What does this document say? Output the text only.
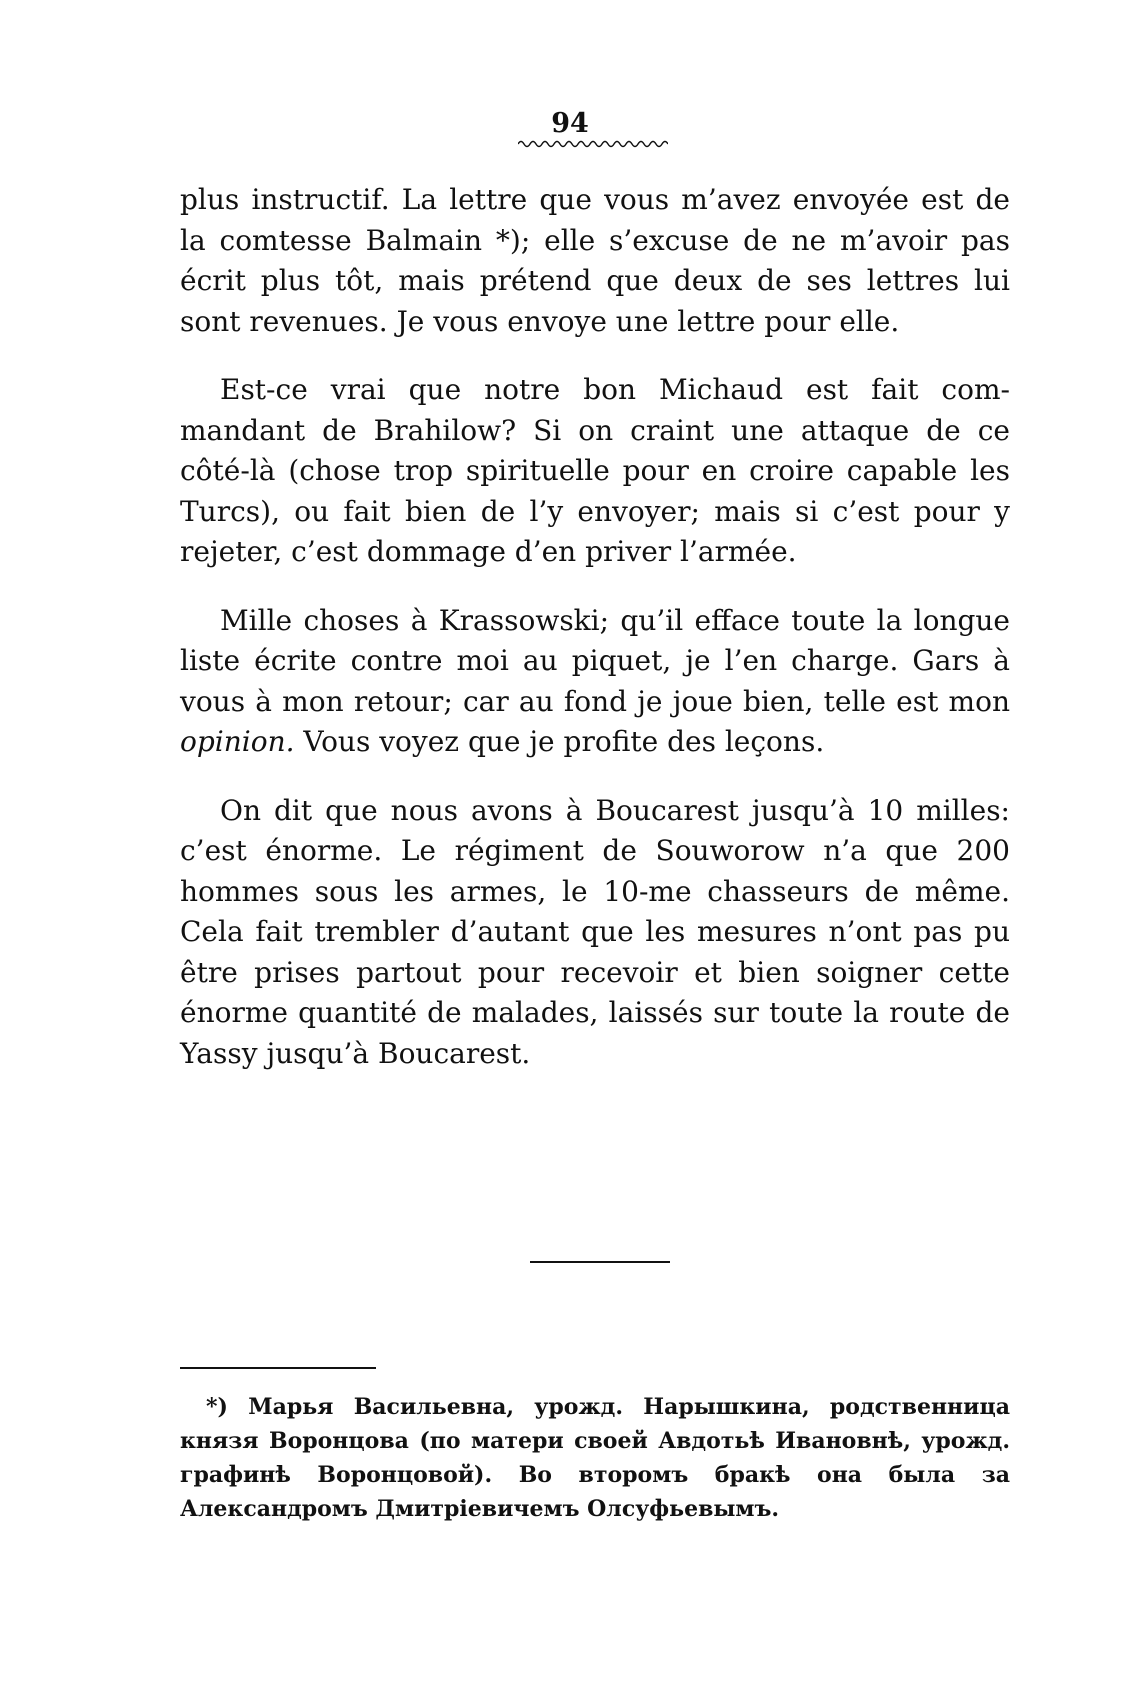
94

plus instructif. La lettre que vous m’avez envoyée est de la comtesse Balmain *); elle s’excuse de ne m’avoir pas écrit plus tôt, mais prétend que deux de ses lettres lui sont revenues. Je vous envoye une lettre pour elle.

Est-ce vrai que notre bon Michaud est fait commandant de Brahilow? Si on craint une attaque de ce côté-là (chose trop spirituelle pour en croire capable les Turcs), ou fait bien de l’y envoyer; mais si c’est pour y rejeter, c’est dommage d’en priver l’armée.

Mille choses à Krassowski; qu’il efface toute la longue liste écrite contre moi au piquet, je l’en charge. Gars à vous à mon retour; car au fond je joue bien, telle est mon opinion. Vous voyez que je profite des leçons.

On dit que nous avons à Boucarest jusqu’à 10 milles: c’est énorme. Le régiment de Souworow n’a que 200 hommes sous les armes, le 10-me chasseurs de même. Cela fait trembler d’autant que les mesures n’ont pas pu être prises partout pour recevoir et bien soigner cette énorme quantité de malades, laissés sur toute la route de Yassy jusqu’à Boucarest.

*) Марья Васильевна, урожд. Нарышкина, родственница князя Воронцова (по матери своей Авдотьѣ Ивановнѣ, урожд. графинѣ Воронцовой). Во второмъ бракѣ она была за Александромъ Дмитріевичемъ Олсуфьевымъ.
